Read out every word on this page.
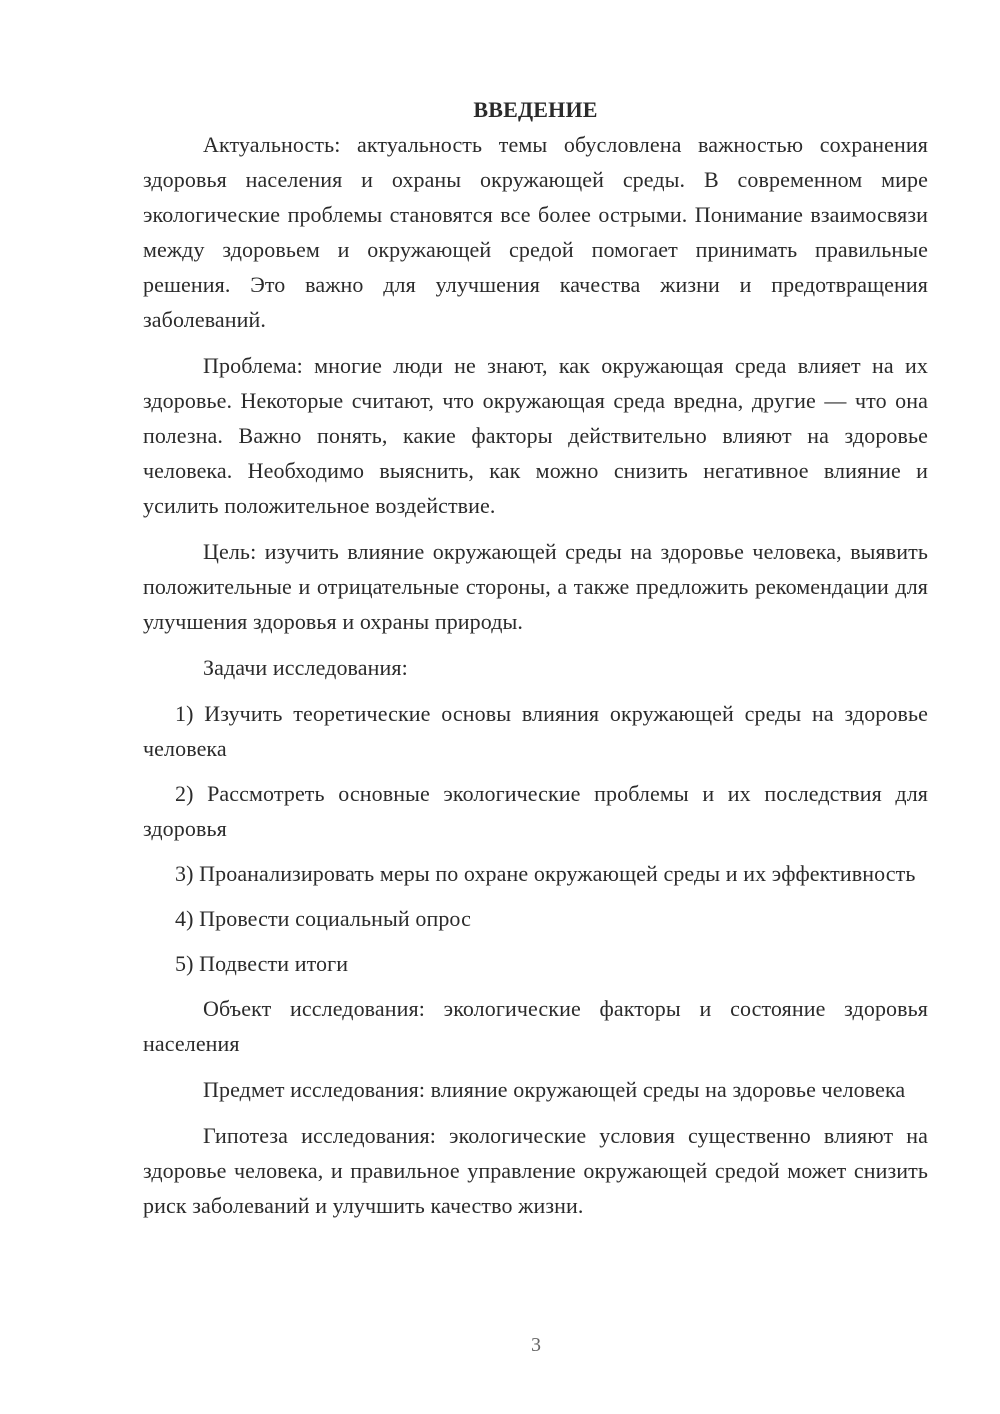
ВВЕДЕНИЕ

Актуальность: актуальность темы обусловлена важностью сохранения здоровья населения и охраны окружающей среды. В современном мире экологические проблемы становятся все более острыми. Понимание взаимосвязи между здоровьем и окружающей средой помогает принимать правильные решения. Это важно для улучшения качества жизни и предотвращения заболеваний.

Проблема: многие люди не знают, как окружающая среда влияет на их здоровье. Некоторые считают, что окружающая среда вредна, другие — что она полезна. Важно понять, какие факторы действительно влияют на здоровье человека. Необходимо выяснить, как можно снизить негативное влияние и усилить положительное воздействие.

Цель: изучить влияние окружающей среды на здоровье человека, выявить положительные и отрицательные стороны, а также предложить рекомендации для улучшения здоровья и охраны природы.

Задачи исследования:

1) Изучить теоретические основы влияния окружающей среды на здоровье человека

2) Рассмотреть основные экологические проблемы и их последствия для здоровья

3) Проанализировать меры по охране окружающей среды и их эффективность

4) Провести социальный опрос

5) Подвести итоги

Объект исследования: экологические факторы и состояние здоровья населения

Предмет исследования: влияние окружающей среды на здоровье человека

Гипотеза исследования: экологические условия существенно влияют на здоровье человека, и правильное управление окружающей средой может снизить риск заболеваний и улучшить качество жизни.

3
